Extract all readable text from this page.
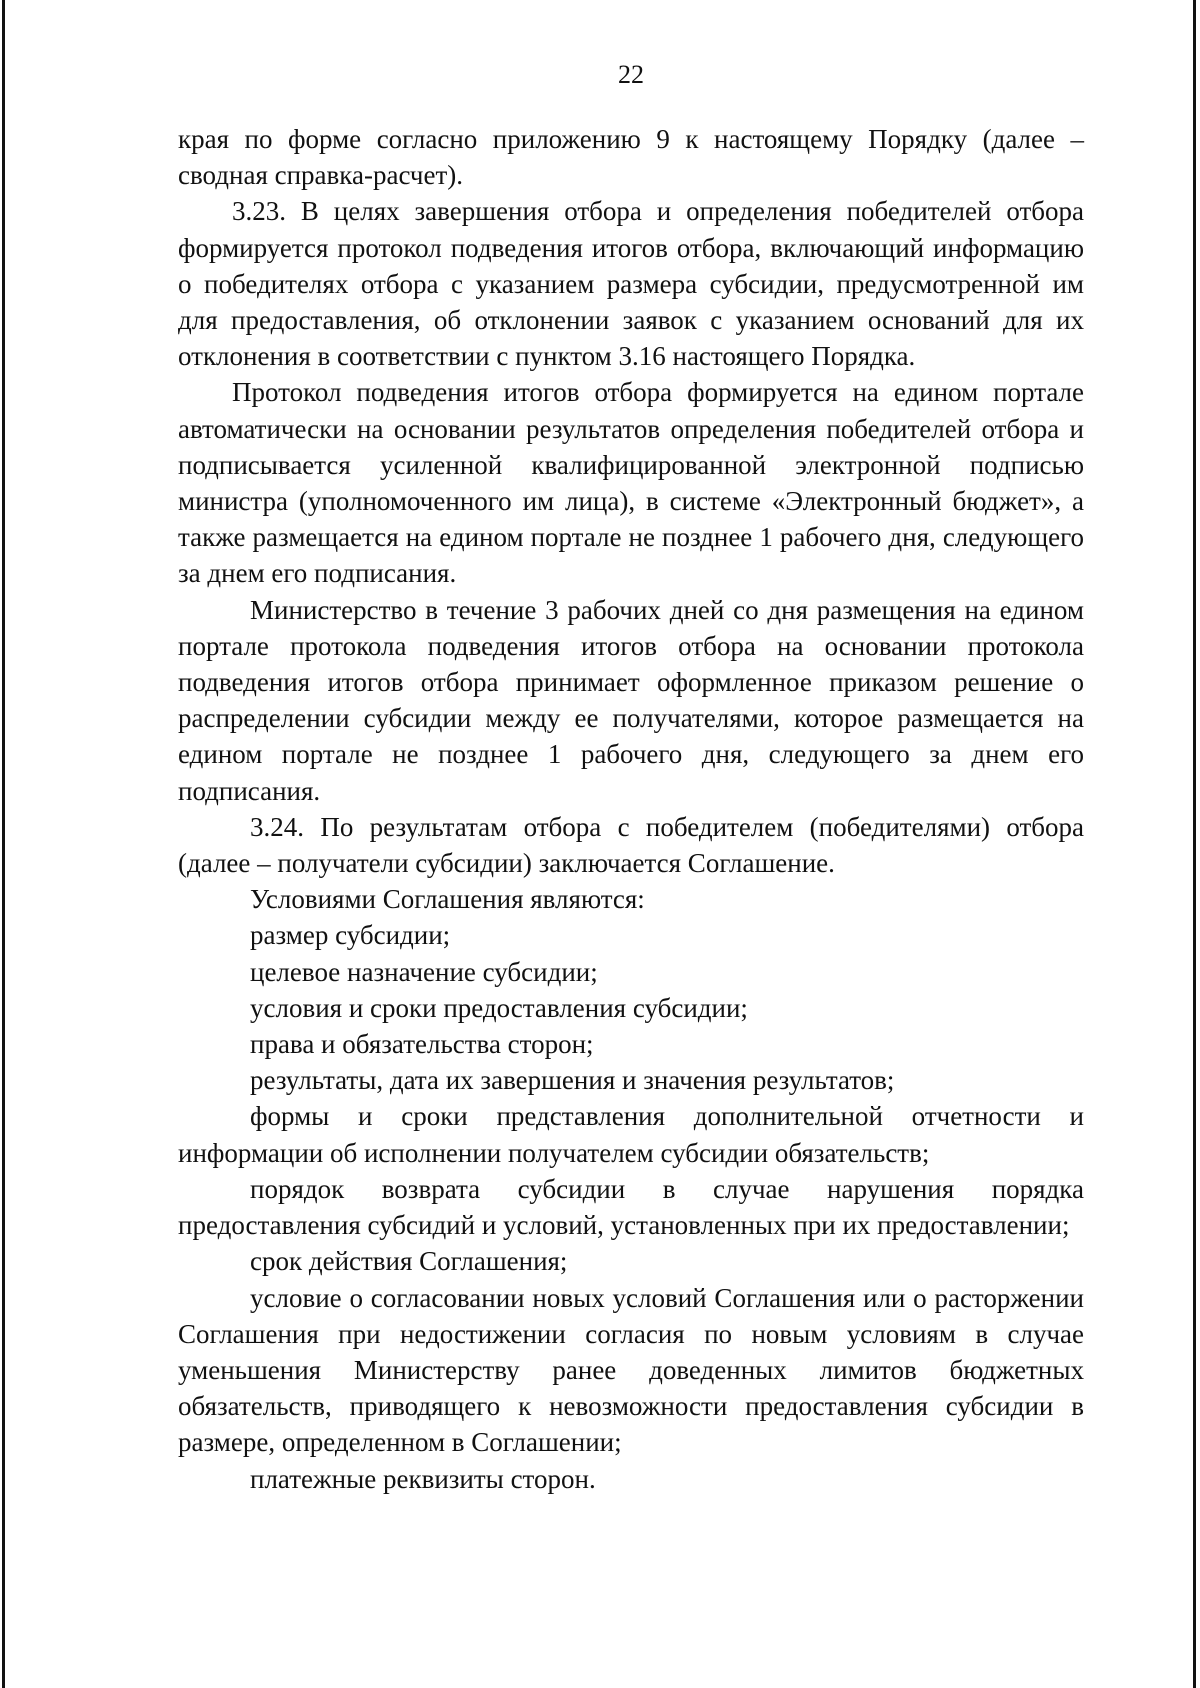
22

края по форме согласно приложению 9 к настоящему Порядку (далее – сводная справка-расчет).

3.23. В целях завершения отбора и определения победителей отбора формируется протокол подведения итогов отбора, включающий информацию о победителях отбора с указанием размера субсидии, предусмотренной им для предоставления, об отклонении заявок с указанием оснований для их отклонения в соответствии с пунктом 3.16 настоящего Порядка.

Протокол подведения итогов отбора формируется на едином портале автоматически на основании результатов определения победителей отбора и подписывается усиленной квалифицированной электронной подписью министра (уполномоченного им лица), в системе «Электронный бюджет», а также размещается на едином портале не позднее 1 рабочего дня, следующего за днем его подписания.

Министерство в течение 3 рабочих дней со дня размещения на едином портале протокола подведения итогов отбора на основании протокола подведения итогов отбора принимает оформленное приказом решение о распределении субсидии между ее получателями, которое размещается на едином портале не позднее 1 рабочего дня, следующего за днем его подписания.

3.24. По результатам отбора с победителем (победителями) отбора (далее – получатели субсидии) заключается Соглашение.

Условиями Соглашения являются:

размер субсидии;

целевое назначение субсидии;

условия и сроки предоставления субсидии;

права и обязательства сторон;

результаты, дата их завершения и значения результатов;

формы и сроки представления дополнительной отчетности и информации об исполнении получателем субсидии обязательств;

порядок возврата субсидии в случае нарушения порядка предоставления субсидий и условий, установленных при их предоставлении;

срок действия Соглашения;

условие о согласовании новых условий Соглашения или о расторжении Соглашения при недостижении согласия по новым условиям в случае уменьшения Министерству ранее доведенных лимитов бюджетных обязательств, приводящего к невозможности предоставления субсидии в размере, определенном в Соглашении;

платежные реквизиты сторон.
